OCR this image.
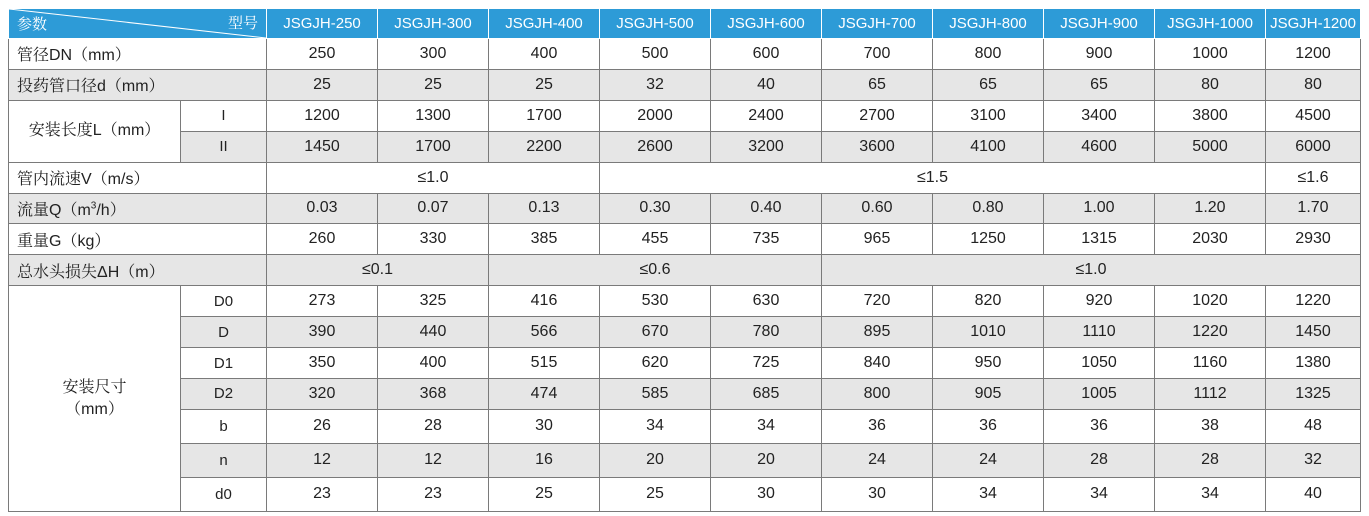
参数 型号		JSGJH-250	JSGJH-300	JSGJH-400	JSGJH-500	JSGJH-600	JSGJH-700	JSGJH-800	JSGJH-900	JSGJH-1000	JSGJH-1200
管径DN（mm）		250	300	400	500	600	700	800	900	1000	1200
投药管口径d（mm）		25	25	25	32	40	65	65	65	80	80
安装长度L（mm）	I	1200	1300	1700	2000	2400	2700	3100	3400	3800	4500
	II	1450	1700	2200	2600	3200	3600	4100	4600	5000	6000
管内流速V（m/s）		≤1.0			≤1.5						≤1.6
流量$Q(m^3/h)$		0.03	0.07	0.13	0.30	0.40	0.60	0.80	1.00	1.20	1.70
重量G（kg）		260	330	385	455	735	965	1250	1315	2030	2930
总水头损失ΔH（m）		≤0.1		≤0.6			≤1.0				
安装尺寸
（mm）	D0	273	325	416	530	630	720	820	920	1020	1220
	D	390	440	566	670	780	895	1010	1110	1220	1450
	D1	350	400	515	620	725	840	950	1050	1160	1380
	D2	320	368	474	585	685	800	905	1005	1112	1325
	b	26	28	30	34	34	36	36	36	38	48
	n	12	12	16	20	20	24	24	28	28	32
	d0	23	23	25	25	30	30	34	34	34	40
